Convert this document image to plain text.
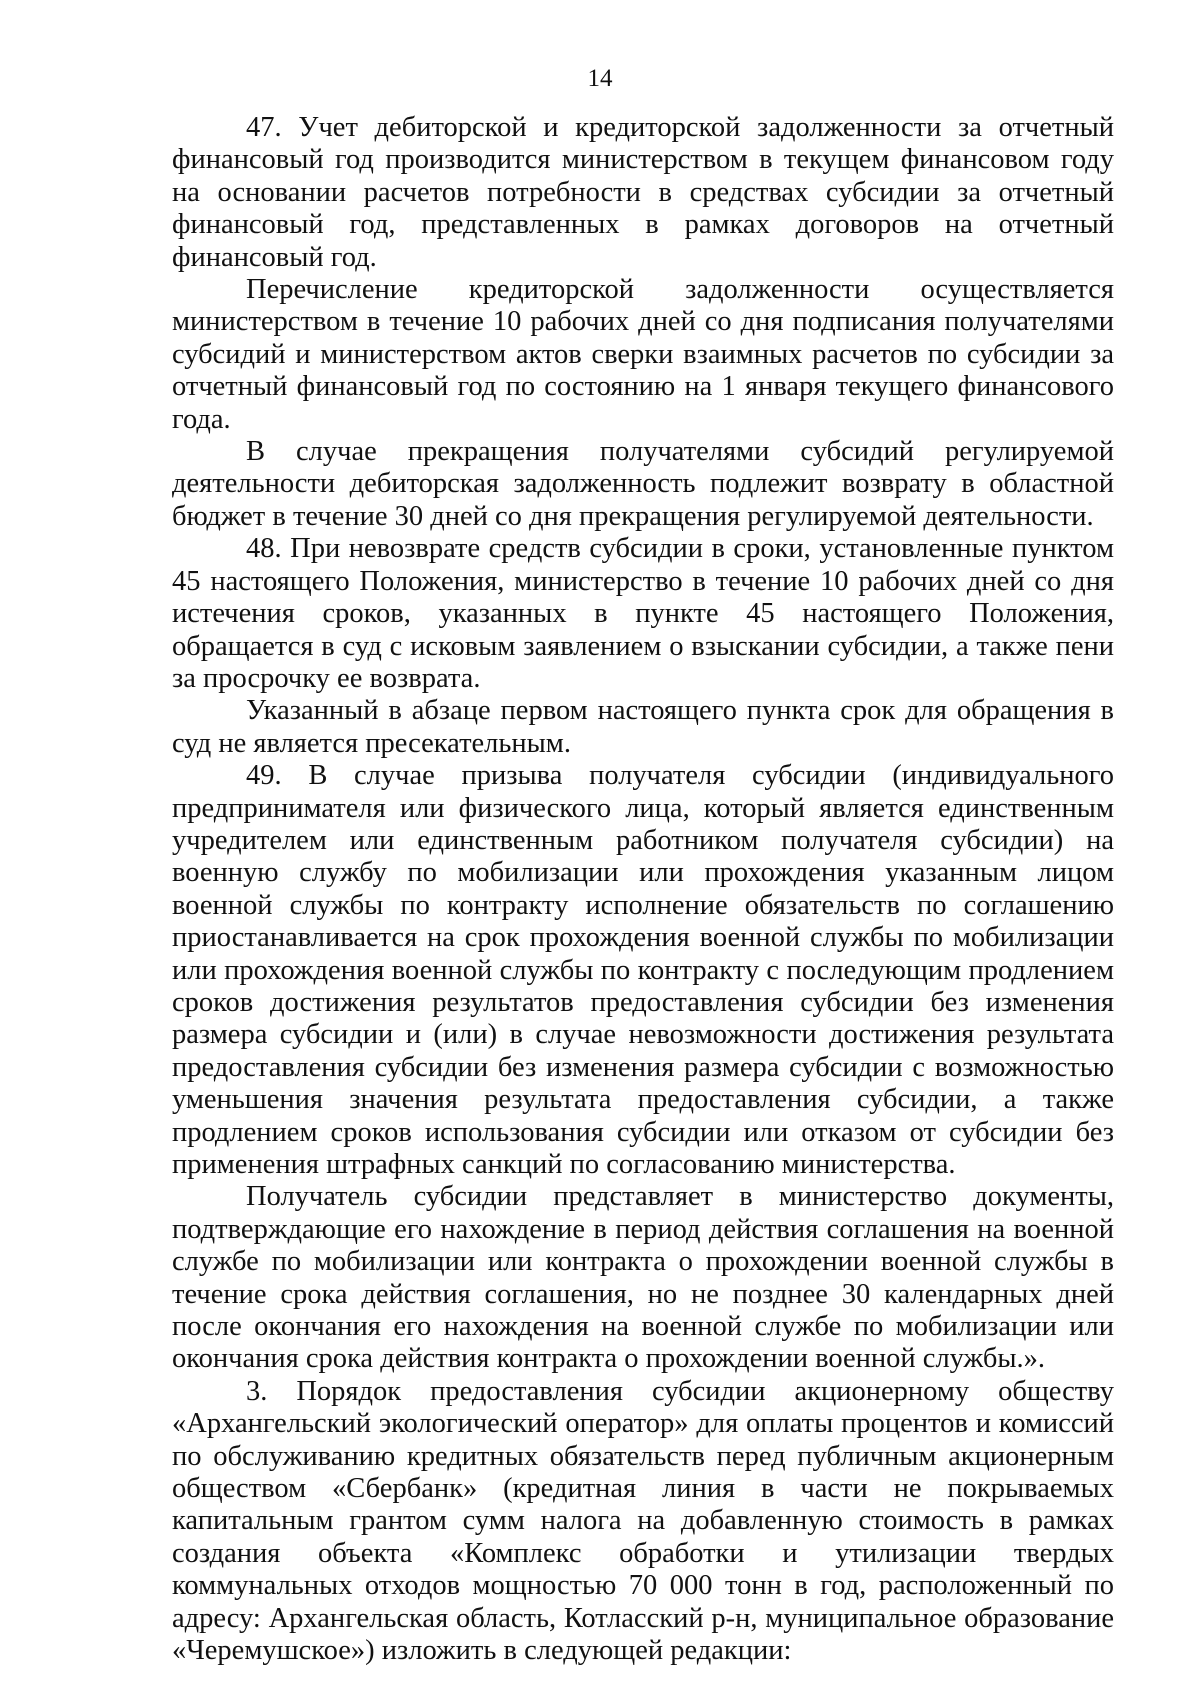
14

47. Учет дебиторской и кредиторской задолженности за отчетный финансовый год производится министерством в текущем финансовом году на основании расчетов потребности в средствах субсидии за отчетный финансовый год, представленных в рамках договоров на отчетный финансовый год.

Перечисление кредиторской задолженности осуществляется министерством в течение 10 рабочих дней со дня подписания получателями субсидий и министерством актов сверки взаимных расчетов по субсидии за отчетный финансовый год по состоянию на 1 января текущего финансового года.

В случае прекращения получателями субсидий регулируемой деятельности дебиторская задолженность подлежит возврату в областной бюджет в течение 30 дней со дня прекращения регулируемой деятельности.

48. При невозврате средств субсидии в сроки, установленные пунктом 45 настоящего Положения, министерство в течение 10 рабочих дней со дня истечения сроков, указанных в пункте 45 настоящего Положения, обращается в суд с исковым заявлением о взыскании субсидии, а также пени за просрочку ее возврата.

Указанный в абзаце первом настоящего пункта срок для обращения в суд не является пресекательным.

49. В случае призыва получателя субсидии (индивидуального предпринимателя или физического лица, который является единственным учредителем или единственным работником получателя субсидии) на военную службу по мобилизации или прохождения указанным лицом военной службы по контракту исполнение обязательств по соглашению приостанавливается на срок прохождения военной службы по мобилизации или прохождения военной службы по контракту с последующим продлением сроков достижения результатов предоставления субсидии без изменения размера субсидии и (или) в случае невозможности достижения результата предоставления субсидии без изменения размера субсидии с возможностью уменьшения значения результата предоставления субсидии, а также продлением сроков использования субсидии или отказом от субсидии без применения штрафных санкций по согласованию министерства.

Получатель субсидии представляет в министерство документы, подтверждающие его нахождение в период действия соглашения на военной службе по мобилизации или контракта о прохождении военной службы в течение срока действия соглашения, но не позднее 30 календарных дней после окончания его нахождения на военной службе по мобилизации или окончания срока действия контракта о прохождении военной службы.».

3. Порядок предоставления субсидии акционерному обществу «Архангельский экологический оператор» для оплаты процентов и комиссий по обслуживанию кредитных обязательств перед публичным акционерным обществом «Сбербанк» (кредитная линия в части не покрываемых капитальным грантом сумм налога на добавленную стоимость в рамках создания объекта «Комплекс обработки и утилизации твердых коммунальных отходов мощностью 70 000 тонн в год, расположенный по адресу: Архангельская область, Котласский р-н, муниципальное образование «Черемушское») изложить в следующей редакции:
